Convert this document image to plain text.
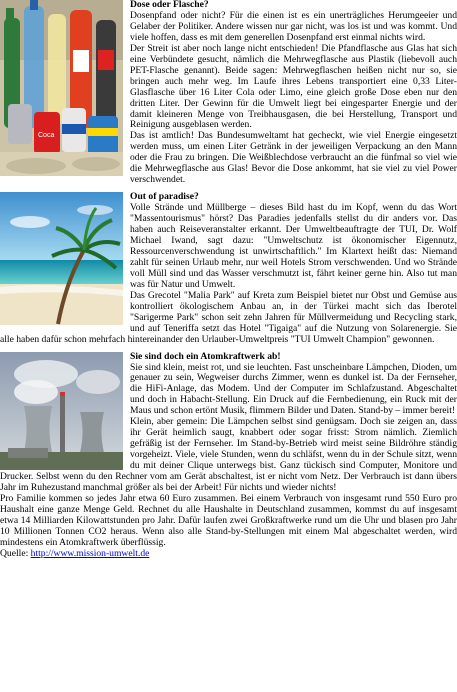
Coca
Dose oder Flasche?

Dosenpfand oder nicht? Für die einen ist es ein unerträgliches Herumgeeier und Gelaber der Politiker. Andere wissen nur gar nicht, was los ist und was kommt. Und viele hoffen, dass es mit dem generellen Dosenpfand erst einmal nichts wird.

Der Streit ist aber noch lange nicht entschieden! Die Pfandflasche aus Glas hat sich eine Verbündete gesucht, nämlich die Mehrwegflasche aus Plastik (liebevoll auch PET-Flasche genannt). Beide sagen: Mehrwegflaschen heißen nicht nur so, sie bringen auch mehr weg. Im Laufe ihres Lebens transportiert eine 0,33 Liter-Glasflasche über 16 Liter Cola oder Limo, eine gleich große Dose eben nur den dritten Liter. Der Gewinn für die Umwelt liegt bei eingesparter Energie und der damit kleineren Menge von Treibhausgasen, die bei Herstellung, Transport und Reinigung ausgeblasen werden.

Das ist amtlich! Das Bundesumweltamt hat gecheckt, wie viel Energie eingesetzt werden muss, um einen Liter Getränk in der jeweiligen Verpackung an den Mann oder die Frau zu bringen. Die Weißblechdose verbraucht an die fünfmal so viel wie die Mehrwegflasche aus Glas! Bevor die Dose ankommt, hat sie viel zu viel Power verschwendet.

Out of paradise?

Volle Strände und Müllberge – dieses Bild hast du im Kopf, wenn du das Wort "Massentourismus" hörst? Das Paradies jedenfalls stellst du dir anders vor. Das haben auch Reiseveranstalter erkannt. Der Umweltbeauftragte der TUI, Dr. Wolf Michael Iwand, sagt dazu: "Umweltschutz ist ökonomischer Eigennutz, Ressourcenverschwendung ist unwirtschaftlich." Im Klartext heißt das: Niemand zahlt für seinen Urlaub mehr, nur weil Hotels Strom verschwenden. Und wo Strände voll Müll sind und das Wasser verschmutzt ist, fährt keiner gerne hin. Also tut man was für Natur und Umwelt.

Das Grecotel "Malia Park" auf Kreta zum Beispiel bietet nur Obst und Gemüse aus kontrolliert ökologischem Anbau an, in der Türkei macht sich das Iberotel "Sarigerme Park" schon seit zehn Jahren für Müllvermeidung und Recycling stark, und auf Teneriffa setzt das Hotel "Tigaiga" auf die Nutzung von Solarenergie. Sie alle haben dafür schon mehrfach hintereinander den Urlauber-Umweltpreis "TUI Umwelt Champion" gewonnen.

Sie sind doch ein Atomkraftwerk ab!

Sie sind klein, meist rot, und sie leuchten. Fast unscheinbare Lämpchen, Dioden, um genauer zu sein, Wegweiser durchs Zimmer, wenn es dunkel ist. Da der Fernseher, die HiFi-Anlage, das Modem. Und der Computer im Schlafzustand. Abgeschaltet und doch in Habacht-Stellung. Ein Druck auf die Fernbedienung, ein Ruck mit der Maus und schon ertönt Musik, flimmern Bilder und Daten. Stand-by – immer bereit!

Klein, aber gemein: Die Lämpchen selbst sind genügsam. Doch sie zeigen an, dass ihr Gerät heimlich saugt, knabbert oder sogar frisst: Strom nämlich. Ziemlich gefräßig ist der Fernseher. Im Stand-by-Betrieb wird meist seine Bildröhre ständig vorgeheizt. Viele, viele Stunden, wenn du schläfst, wenn du in der Schule sitzt, wenn du mit deiner Clique unterwegs bist. Ganz tückisch sind Computer, Monitore und Drucker. Selbst wenn du den Rechner vom am Gerät abschaltest, ist er nicht vom Netz. Der Verbrauch ist dann übers Jahr im Ruhezustand manchmal größer als bei der Arbeit! Für nichts und wieder nichts!

Pro Familie kommen so jedes Jahr etwa 60 Euro zusammen. Bei einem Verbrauch von insgesamt rund 550 Euro pro Haushalt eine ganze Menge Geld. Rechnet du alle Haushalte in Deutschland zusammen, kommst du auf insgesamt etwa 14 Milliarden Kilowattstunden pro Jahr. Dafür laufen zwei Großkraftwerke rund um die Uhr und blasen pro Jahr 10 Millionen Tonnen CO2 heraus. Wenn also alle Stand-by-Stellungen mit einem Mal abgeschaltet werden, wird mindestens ein Atomkraftwerk überflüssig.

Quelle: http://www.mission-umwelt.de
